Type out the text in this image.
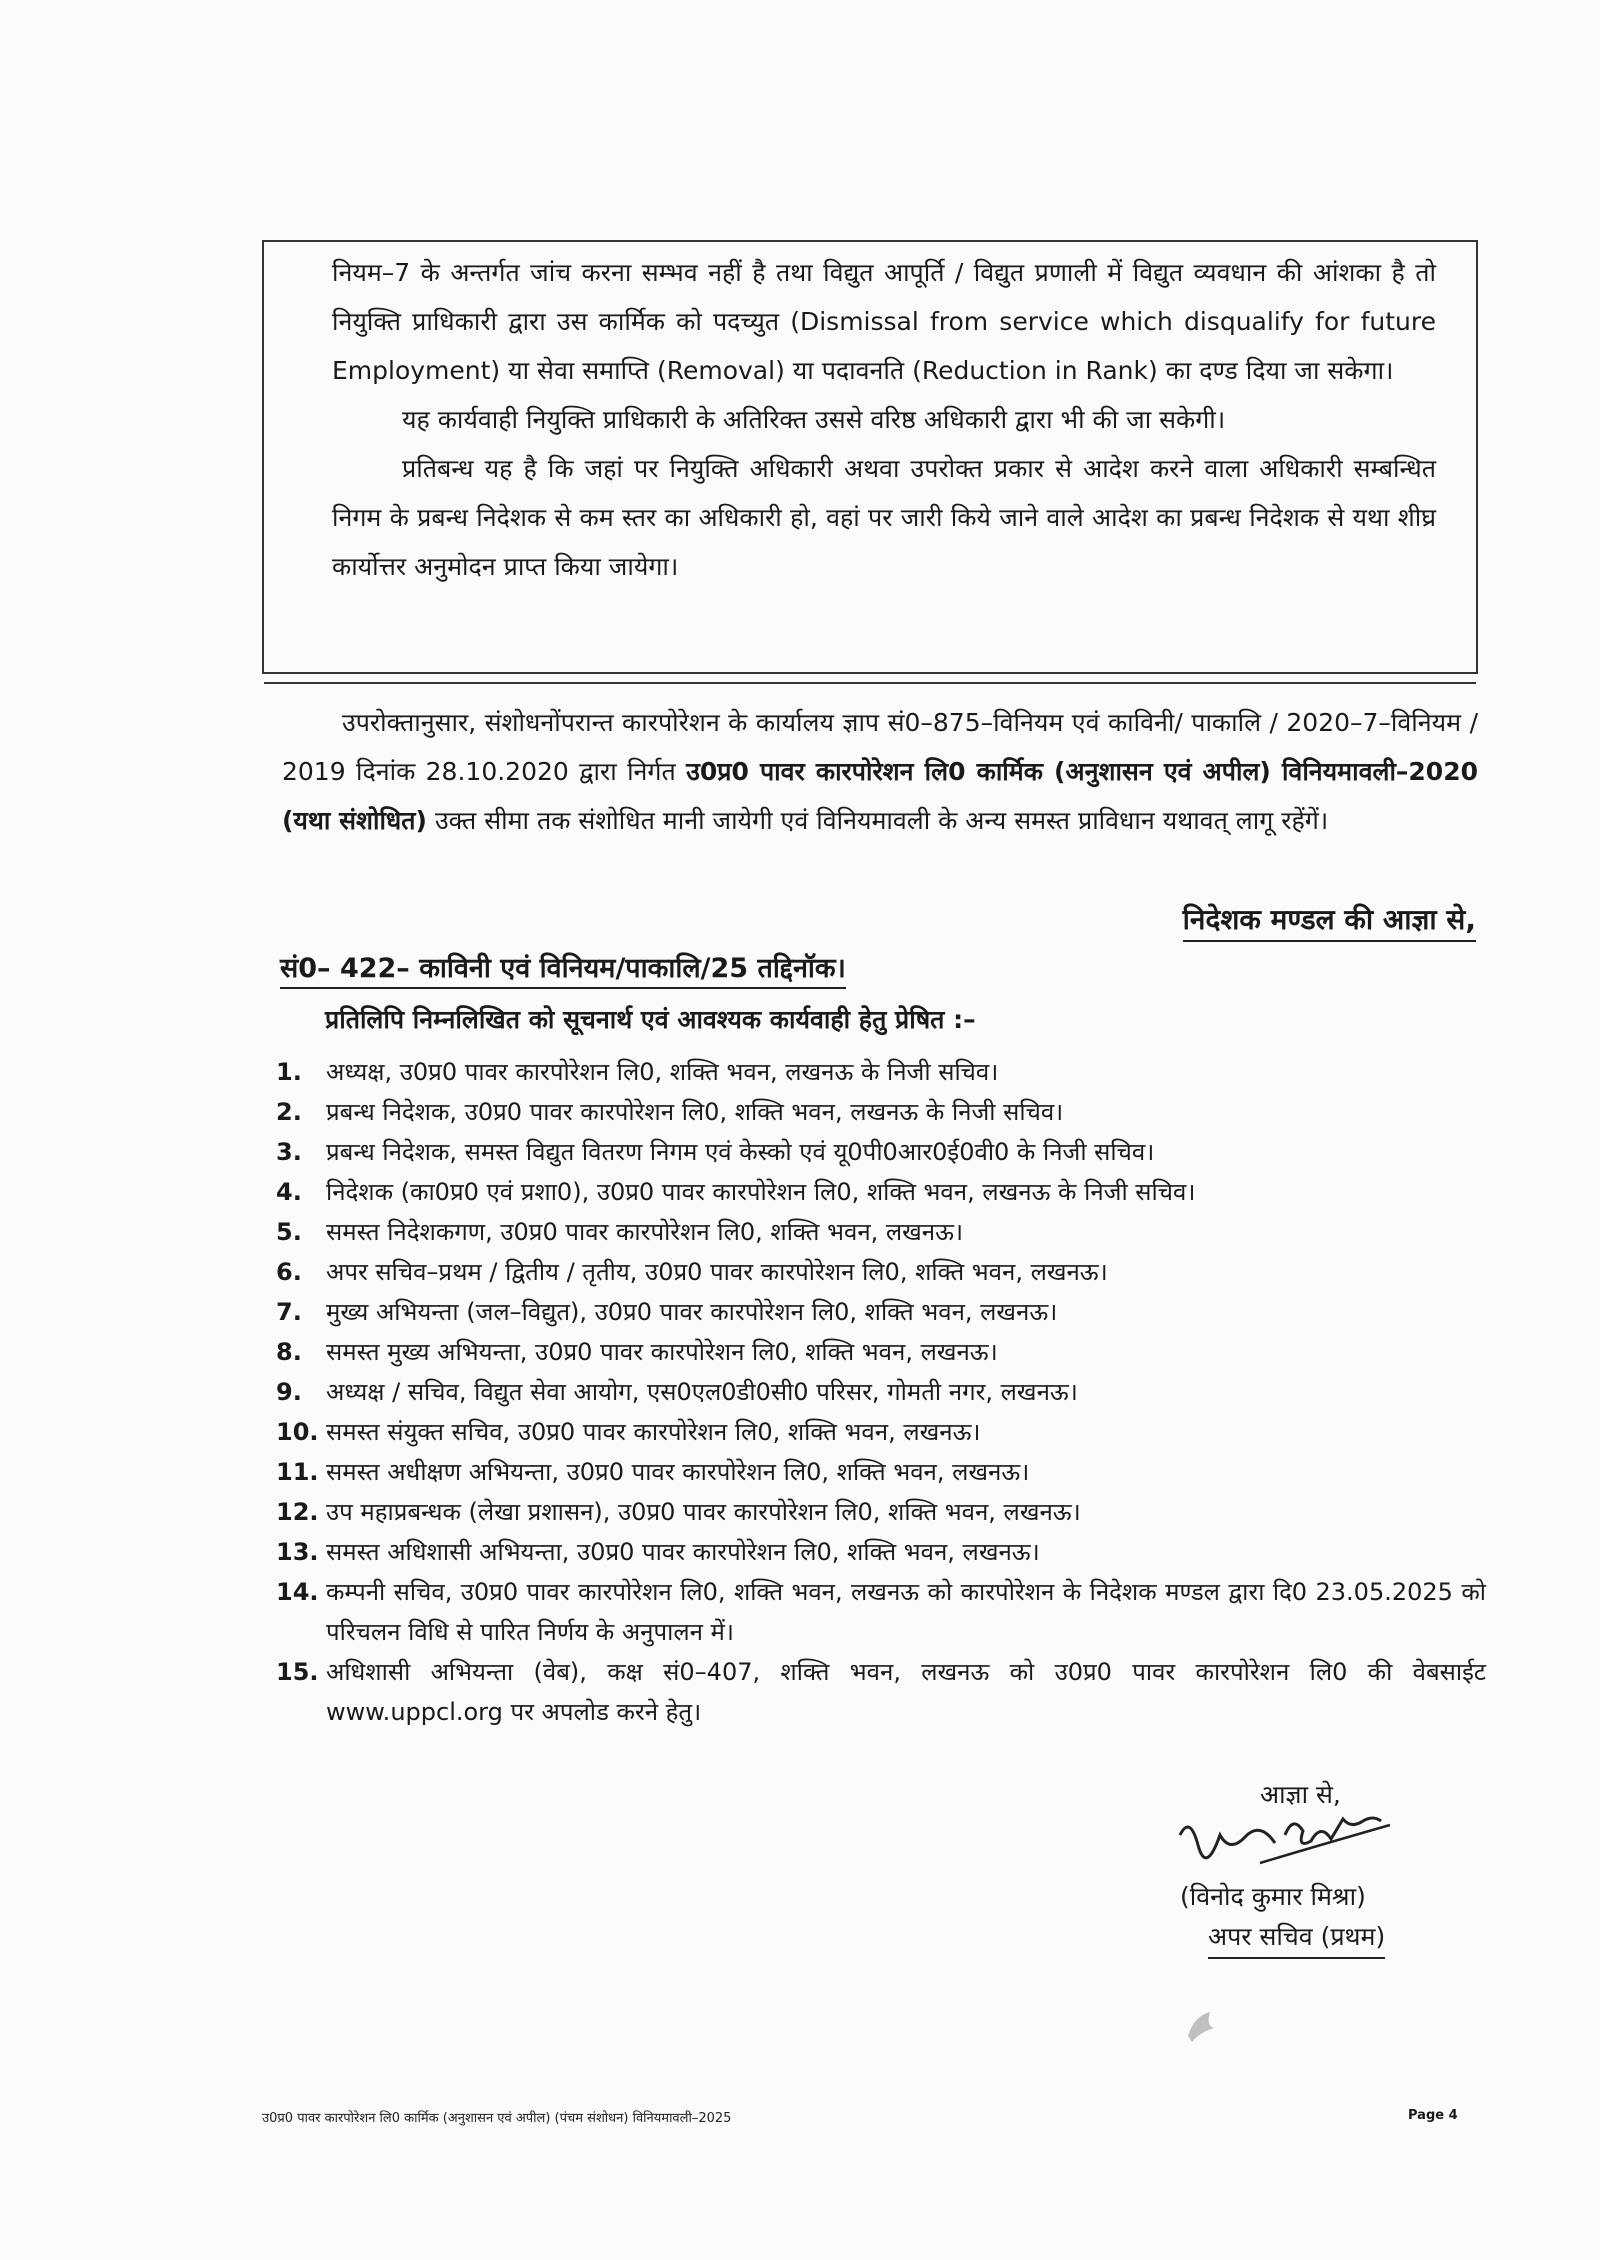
नियम–7 के अन्तर्गत जांच करना सम्भव नहीं है तथा विद्युत आपूर्ति / विद्युत प्रणाली में विद्युत व्यवधान की आंशका है तो नियुक्ति प्राधिकारी द्वारा उस कार्मिक को पदच्युत (Dismissal from service which disqualify for future Employment) या सेवा समाप्ति (Removal) या पदावनति (Reduction in Rank) का दण्ड दिया जा सकेगा।

यह कार्यवाही नियुक्ति प्राधिकारी के अतिरिक्त उससे वरिष्ठ अधिकारी द्वारा भी की जा सकेगी।

प्रतिबन्ध यह है कि जहां पर नियुक्ति अधिकारी अथवा उपरोक्त प्रकार से आदेश करने वाला अधिकारी सम्बन्धित निगम के प्रबन्ध निदेशक से कम स्तर का अधिकारी हो, वहां पर जारी किये जाने वाले आदेश का प्रबन्ध निदेशक से यथा शीघ्र कार्योत्तर अनुमोदन प्राप्त किया जायेगा।

उपरोक्तानुसार, संशोधनोंपरान्त कारपोरेशन के कार्यालय ज्ञाप सं0–875–विनियम एवं काविनी/ पाकालि / 2020–7–विनियम / 2019 दिनांक 28.10.2020 द्वारा निर्गत उ0प्र0 पावर कारपोरेशन लि0 कार्मिक (अनुशासन एवं अपील) विनियमावली–2020 (यथा संशोधित) उक्त सीमा तक संशोधित मानी जायेगी एवं विनियमावली के अन्य समस्त प्राविधान यथावत् लागू रहेंगें।

निदेशक मण्डल की आज्ञा से,
सं0– 422– काविनी एवं विनियम/पाकालि/25 तद्दिनॉक।
प्रतिलिपि निम्नलिखित को सूचनार्थ एवं आवश्यक कार्यवाही हेतु प्रेषित :–
1.	अध्यक्ष, उ0प्र0 पावर कारपोरेशन लि0, शक्ति भवन, लखनऊ के निजी सचिव।
2.	प्रबन्ध निदेशक, उ0प्र0 पावर कारपोरेशन लि0, शक्ति भवन, लखनऊ के निजी सचिव।
3.	प्रबन्ध निदेशक, समस्त विद्युत वितरण निगम एवं केस्को एवं यू0पी0आर0ई0वी0 के निजी सचिव।
4.	निदेशक (का0प्र0 एवं प्रशा0), उ0प्र0 पावर कारपोरेशन लि0, शक्ति भवन, लखनऊ के निजी सचिव।
5.	समस्त निदेशकगण, उ0प्र0 पावर कारपोरेशन लि0, शक्ति भवन, लखनऊ।
6.	अपर सचिव–प्रथम / द्वितीय / तृतीय, उ0प्र0 पावर कारपोरेशन लि0, शक्ति भवन, लखनऊ।
7.	मुख्य अभियन्ता (जल–विद्युत), उ0प्र0 पावर कारपोरेशन लि0, शक्ति भवन, लखनऊ।
8.	समस्त मुख्य अभियन्ता, उ0प्र0 पावर कारपोरेशन लि0, शक्ति भवन, लखनऊ।
9.	अध्यक्ष / सचिव, विद्युत सेवा आयोग, एस0एल0डी0सी0 परिसर, गोमती नगर, लखनऊ।
10. समस्त संयुक्त सचिव, उ0प्र0 पावर कारपोरेशन लि0, शक्ति भवन, लखनऊ।
11. समस्त अधीक्षण अभियन्ता, उ0प्र0 पावर कारपोरेशन लि0, शक्ति भवन, लखनऊ।
12. उप महाप्रबन्धक (लेखा प्रशासन), उ0प्र0 पावर कारपोरेशन लि0, शक्ति भवन, लखनऊ।
13. समस्त अधिशासी अभियन्ता, उ0प्र0 पावर कारपोरेशन लि0, शक्ति भवन, लखनऊ।
14. कम्पनी सचिव, उ0प्र0 पावर कारपोरेशन लि0, शक्ति भवन, लखनऊ को कारपोरेशन के निदेशक मण्डल द्वारा दि0 23.05.2025 को परिचलन विधि से पारित निर्णय के अनुपालन में।
15. अधिशासी अभियन्ता (वेब), कक्ष सं0–407, शक्ति भवन, लखनऊ को उ0प्र0 पावर कारपोरेशन लि0 की वेबसाईट www.uppcl.org पर अपलोड करने हेतु।
आज्ञा से,
(विनोद कुमार मिश्रा)
अपर सचिव (प्रथम)
उ0प्र0 पावर कारपोरेशन लि0 कार्मिक (अनुशासन एवं अपील) (पंचम संशोधन) विनियमावली–2025	Page 4
